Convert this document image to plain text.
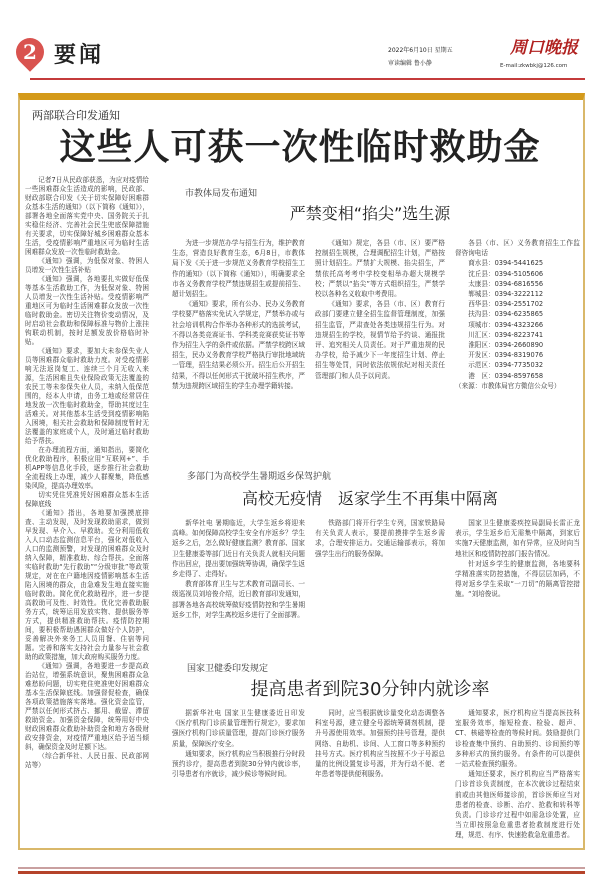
2 要闻	2022年6月10日 星期五
审读编辑 鲁小静
周口晚报
E-mail:zkwbkj@126.com
两部联合印发通知
这些人可获一次性临时救助金

记者7日从民政部获悉，为应对疫情给一些困难群众生活造成的影响，民政部、财政部联合印发《关于切实保障好困难群众基本生活的通知》（以下简称《通知》），部署各地全面落实党中央、国务院关于扎实稳住经济、完善社会民生兜底保障措施有关要求，切实保障好城乡困难群众基本生活，受疫情影响严重地区可为临时生活困难群众发放一次性临时救助金。

《通知》强调，为低保对象、特困人员增发一次性生活补贴

《通知》强调，各地要扎实做好低保等基本生活救助工作，为低保对象、特困人员增发一次性生活补贴。受疫情影响严重地区可为临时生活困难群众发放一次性临时救助金。密切关注物价变动情况，及时启动社会救助和保障标准与物价上涨挂钩联动机制，按时足额发放价格临时补贴。

《通知》要求，要加大未参保失业人员等困难群众临时救助力度。对受疫情影响无法返岗复工、连续三个月无收入来源，生活困难且失业保险政策无法覆盖的农民工等未参保失业人员，未纳入低保范围的，经本人申请，由务工地或经常居住地发放一次性临时救助金，帮助其度过生活难关。对其他基本生活受到疫情影响陷入困境，相关社会救助和保障制度暂时无法覆盖的家庭或个人，及时通过临时救助给予帮扶。

在办理流程方面，通知指出，要简化优化救助程序，积极应用“互联网+”、手机APP等信息化手段，逐步推行社会救助全流程线上办理，减少人群聚集，降低感染风险，提高办理效率。

切实凭住凭准凭好困难群众基本生活保障底线

《通知》指出，各地要加强摸底排查、主动发现，及时发现救助需求，做到早发现、早介入、早救助。充分利用低收入人口动态监测信息平台，强化对低收入人口的监测预警，对发现的困难群众及时纳入保障，精准救助、综合帮扶。全面落实临时救助“先行救助”“分级审批”等政策规定，对在在户籍地因疫情影响基本生活陷入困境的群众，由急难发生地直接实施临时救助。简化优化救助程序，进一步提高救助可及性、时效性。优化完善救助服务方式，统筹运用发放实物、提供服务等方式，提供精准救助帮扶。疫情防控期间，要积极帮助遇困群众做好个人防护，妥善解决外来务工人员用餐、住宿等问题。完善和落实支持社会力量参与社会救助的政策措施，加大政府购买服务力度。

《通知》强调，各地要进一步提高政治站位，增强系统意识，聚焦困难群众急难愁盼问题，切实兜住兜准兜好困难群众基本生活保障底线。加强督促检查，确保各项政策措施落实落地。强化资金监管，严禁以任何形式挤占、挪用、截留、滞留救助资金。加强资金保障，统筹用好中央财政困难群众救助补助资金和地方各级财政安排资金，对疫情严重地区给予适当倾斜，确保资金及时足额下达。

（综合新华社、人民日报、民政部网站等）

市教体局发布通知
严禁变相“掐尖”选生源

为进一步规范办学与招生行为，维护教育生态，营造良好教育生态，6月8日，市教体局下发《关于进一步规范义务教育学校招生工作的通知》（以下简称《通知》），明确要求全市各义务教育学校严禁违规招生或提前招生、超计划招生。

《通知》要求，所有公办、民办义务教育学校要严格落实免试入学规定，严禁举办或与社会培训机构合作举办各种形式的选拔考试，不得以各类竞赛证书、学科类竞赛获奖证书等作为招生入学的条件或依据。严禁学校跨区域招生，民办义务教育学校严格执行审批地域统一管理，招生结果必须公开。招生后公开招生结果，不得以任何形式干扰破坏招生秩序，严禁为违规跨区域招生的学生办理学籍转接。

《通知》规定，各县（市、区）要严格控制招生规模，合理调配招生计划，严格按照计划招生。严禁扩大规模、掐尖招生，严禁依托高考考中学校变相举办超大规模学校；严禁以“掐尖”等方式组织招生，严禁学校以各种名义收取中考费用。

《通知》要求，各县（市、区）教育行政部门要建立健全招生监督管理制度，加强招生监管，严肃查处各类违规招生行为。对违规招生的学校，视情节给予约谈、通报批评、追究相关人员责任。对于严重违规的民办学校，给予减少下一年度招生计划、停止招生等处罚，同时依法依规依纪对相关责任管理部门和人员予以问责。

各县（市、区）义务教育招生工作监督咨询电话

商水县：0394-5441625
沈丘县：0394-5105606
太康县：0394-6816556
郸城县：0394-3222112
西华县：0394-2551702
扶沟县：0394-6235865
项城市：0394-4323266
川汇区：0394-8223741
淮阳区：0394-2660890
开发区：0394-8319076
示范区：0394-7735032
港　区：0394-8597658
（来源：市教体局官方微信公众号）
多部门为高校学生暑期返乡保驾护航
高校无疫情　返家学生不再集中隔离

新华社电 暑期临近，大学生返乡将迎来高峰。如何保障高校学生安全有序返乡？学生返乡之后，怎么做好健康监测？教育部、国家卫生健康委等部门近日有关负责人就相关问题作出回应，提出要加强统筹协调，确保学生返乡走得了、走得好。

教育部体育卫生与艺术教育司副司长、一级巡视员刘培俊介绍，近日教育部印发通知，部署各地各高校统筹做好疫情防控和学生暑期返乡工作，对学生离校返乡进行了全面部署。

铁路部门将开行学生专列，国家铁路局有关负责人表示，要提前摸排学生返乡需求，合理安排运力。交通运输部表示，将加强学生出行的服务保障。

国家卫生健康委疾控局副局长雷正龙表示，学生返乡后无需集中隔离，到家后实施7天健康监测，如有异常，应及时向当地社区和疫情防控部门报告情况。

针对返乡学生的健康监测，各地要科学精准落实防控措施，不得层层加码，不得对返乡学生采取“一刀切”的隔离管控措施。“刘培俊说。

国家卫健委印发规定
提高患者到院30分钟内就诊率

据新华社电 国家卫生健康委近日印发《医疗机构门诊质量管理暂行规定》，要求加强医疗机构门诊质量管理，提高门诊医疗服务质量，保障医疗安全。

通知要求，医疗机构应当积极推行分时段预约诊疗，提高患者到院30分钟内就诊率，引导患者有序就诊，减少候诊等候时间。

同时，应当根据就诊量变化动态调整各科室号源，建立健全号源统筹调剂机制，提升号源使用效率。加强预约挂号管理，提供网络、自助机、诊间、人工窗口等多种预约挂号方式。医疗机构应当按照不少于号源总量的比例设置复诊号源，并为行动不便、老年患者等提供便利服务。

通知要求，医疗机构应当提高医技科室服务效率，缩短检查、检验、超声、CT、核磁等检查的等候时间。鼓励提供门诊检查集中预约、自助预约、诊间预约等多种形式的预约服务。有条件的可以提供一站式检查预约服务。

通知还要求，医疗机构应当严格落实门诊首诊负责制度，在本次就诊过程结束前或由其他医师接诊前，首诊医师应当对患者的检查、诊断、治疗、抢救和转科等负责。门诊诊疗过程中如需急诊处置，应当立即按照急危重患者抢救制度进行处理，规范、有序、快速抢救急危重患者。
